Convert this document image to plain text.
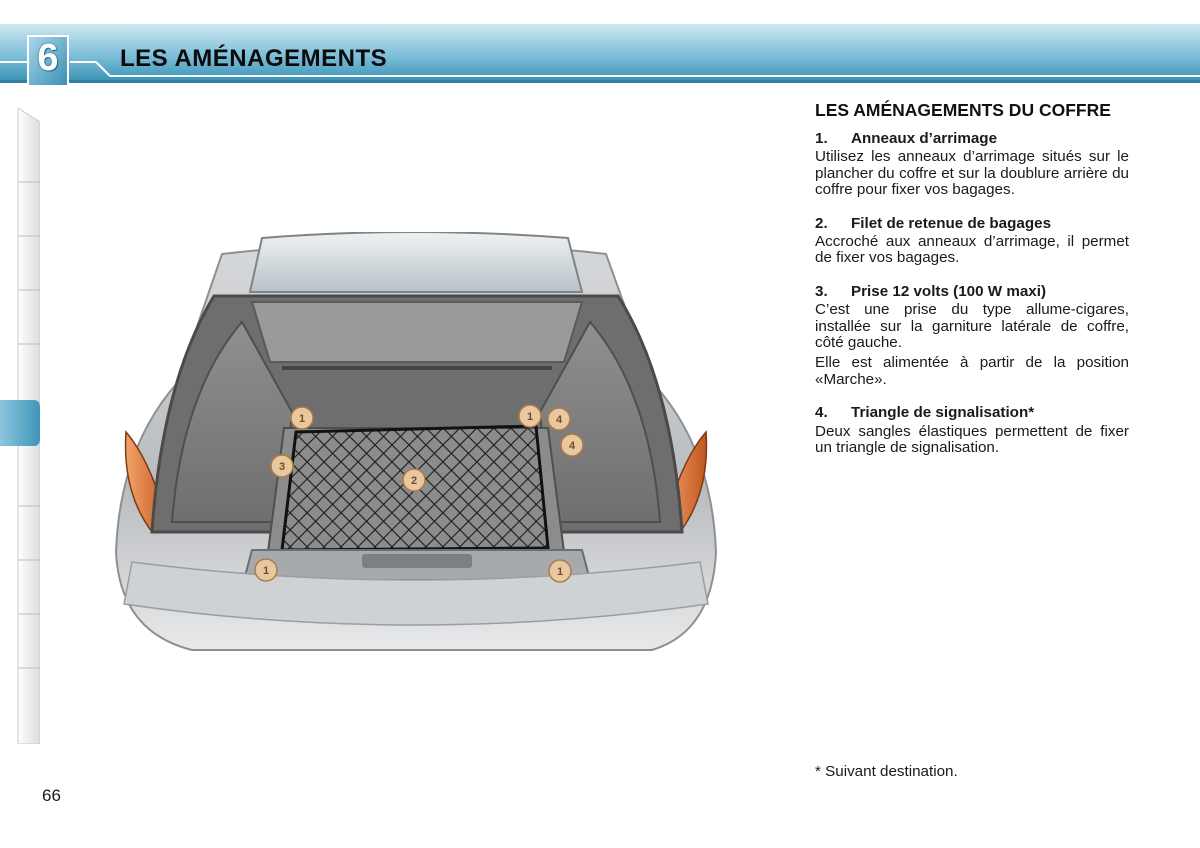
6	LES AMÉNAGEMENTS
1	1 4
4
3
2
1	1
LES AMÉNAGEMENTS DU COFFRE
1. Anneaux d’arrimage

Utilisez les anneaux d’arrimage situés sur le plancher du coffre et sur la doublure arrière du coffre pour fixer vos bagages.

2. Filet de retenue de bagages

Accroché aux anneaux d’arrimage, il permet de fixer vos bagages.

3. Prise 12 volts (100 W maxi)

C’est une prise du type allume-cigares, installée sur la garniture latérale de coffre, côté gauche.

Elle est alimentée à partir de la position «Marche».

4. Triangle de signalisation*

Deux sangles élastiques permettent de fixer un triangle de signalisation.

* Suivant destination.
66
